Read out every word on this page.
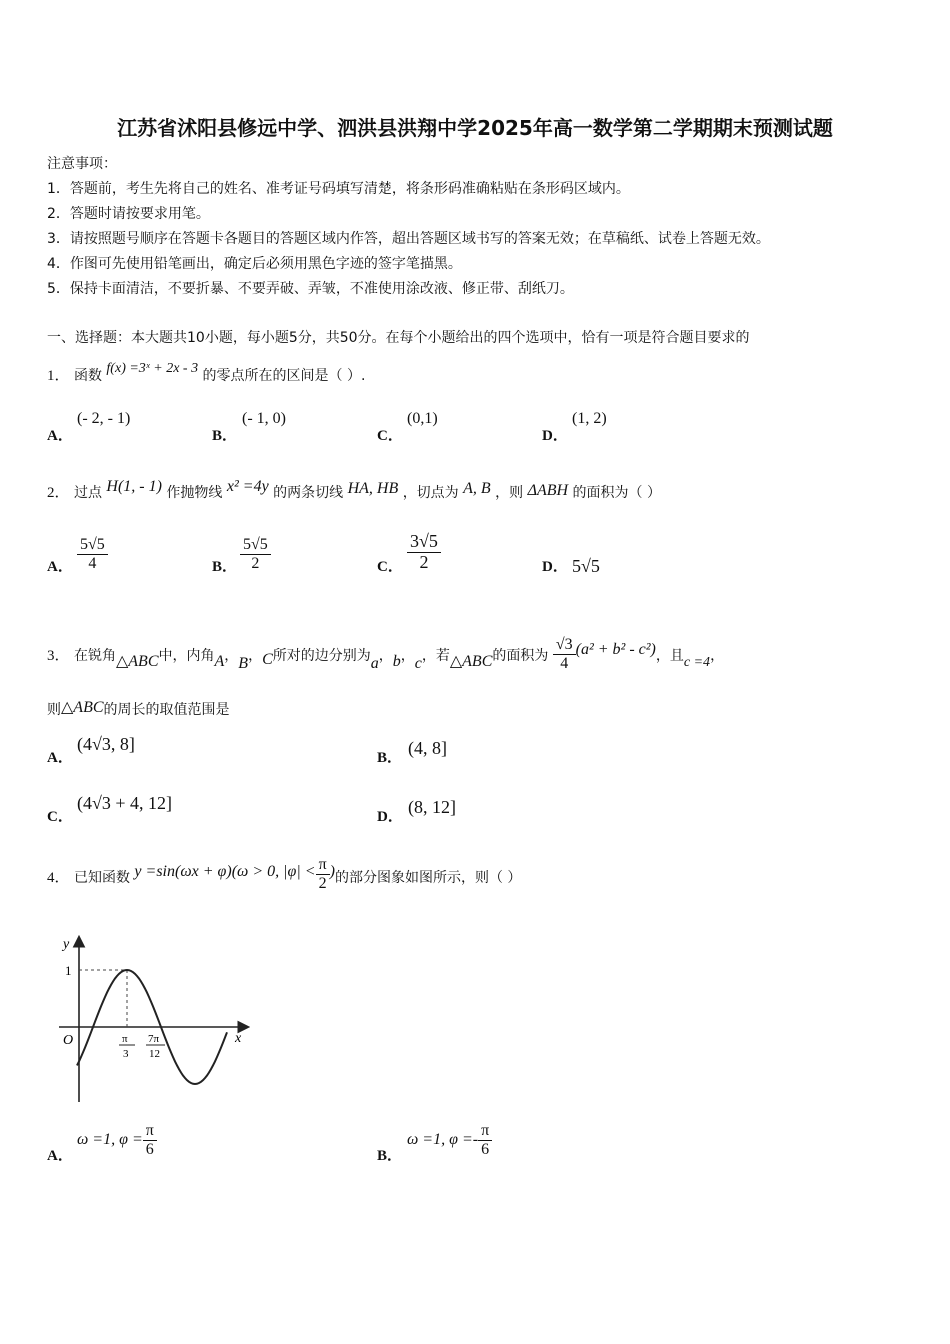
江苏省沭阳县修远中学、泗洪县洪翔中学2025年高一数学第二学期期末预测试题
注意事项：
1．答题前，考生先将自己的姓名、准考证号码填写清楚，将条形码准确粘贴在条形码区域内。
2．答题时请按要求用笔。
3．请按照题号顺序在答题卡各题目的答题区域内作答，超出答题区域书写的答案无效；在草稿纸、试卷上答题无效。
4．作图可先使用铅笔画出，确定后必须用黑色字迹的签字笔描黑。
5．保持卡面清洁，不要折暴、不要弄破、弄皱，不准使用涂改液、修正带、刮纸刀。
一、选择题：本大题共10小题，每小题5分，共50分。在每个小题给出的四个选项中，恰有一项是符合题目要求的
1． 函数 f(x) =3ˣ + 2x - 3 的零点所在的区间是（ ）.
A．
(- 2, - 1)
B．
(- 1, 0)
C．
(0,1)
D．
(1, 2)
2． 过点 H(1, - 1) 作抛物线 x² =4y 的两条切线 HA, HB ，切点为 A, B ，则 ΔABH 的面积为（ ）
A． $\frac{5√5}{4}$	B． $\frac{5√5}{2}$	C． $\frac{3√5}{2}$	D． 5√5
3． 在锐角△ABC中，内角A，B，C所对的边分别为a，b，c，若△ABC的面积为 $\frac{√3}{4} (a^2 + b^2 - c^2)$，且c =4，
则△ABC的周长的取值范围是
A．
(4√3, 8]
B． (4, 8]
C．
(4√3 + 4, 12]
D． (8, 12]
4． 已知函数 y =sin(ωx + φ)(ω > 0, $|\varphi| < \frac{\pi}{2}$ )的部分图象如图所示，则（ ）
y
x
O
1
π
3
7π
12
A．
ω =1, $\varphi = \frac{\pi}{6}$	B．
ω =1, $\varphi =- \frac{\pi}{6}$
